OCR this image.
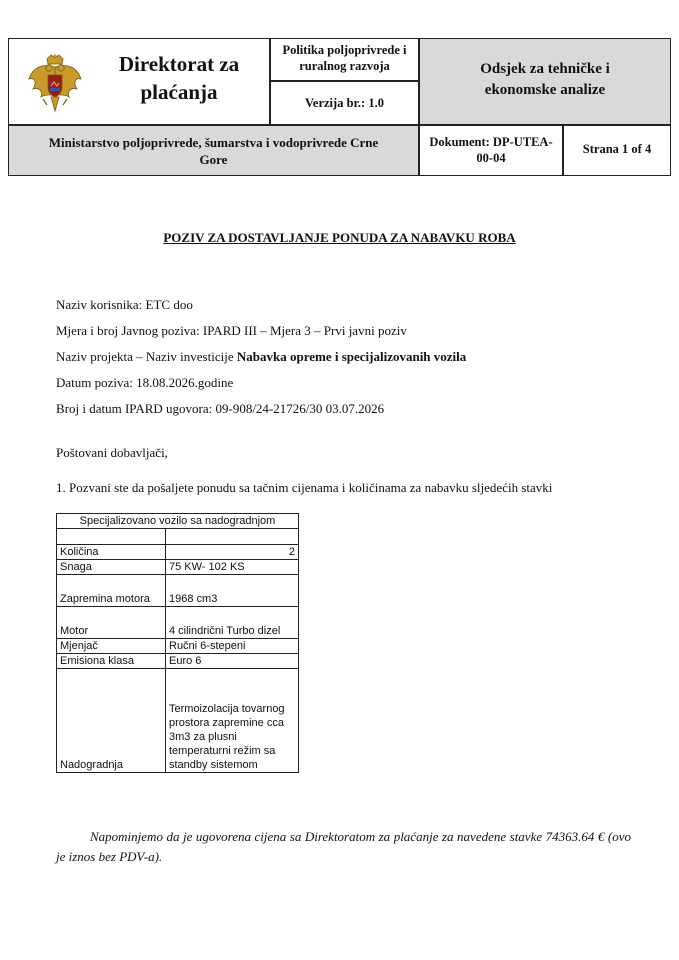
Direktorat za
plaćanja
Politika poljoprivrede i
ruralnog razvoja
Verzija br.: 1.0
Odsjek za tehničke i
ekonomske analize
Ministarstvo poljoprivrede, šumarstva i vodoprivrede Crne
Gore
Dokument: DP-UTEA-
00-04
Strana 1 of 4
POZIV ZA DOSTAVLJANJE PONUDA ZA NABAVKU ROBA
Naziv korisnika: ETC doo
Mjera i broj Javnog poziva: IPARD III – Mjera 3 – Prvi javni poziv
Naziv projekta – Naziv investicije Nabavka opreme i specijalizovanih vozila
Datum poziva: 18.08.2026.godine
Broj i datum IPARD ugovora: 09-908/24-21726/30 03.07.2026
Poštovani dobavljači,
1. Pozvani ste da pošaljete ponudu sa tačnim cijenama i količinama za nabavku sljedećih stavki
Specijalizovano vozilo sa nadogradnjom	

Količina	2
Snaga	75 KW- 102 KS
Zapremina motora	1968 cm3
Motor	4 cilindrični Turbo dizel
Mjenjač	Ručni 6-stepeni
Emisiona klasa	Euro 6
Nadogradnja	Termoizolacija tovarnog prostora zapremine cca 3m3 za plusni temperaturni režim sa standby sistemom
Napominjemo da je ugovorena cijena sa Direktoratom za plaćanje za navedene stavke 74363.64 € (ovo je iznos bez PDV-a).
